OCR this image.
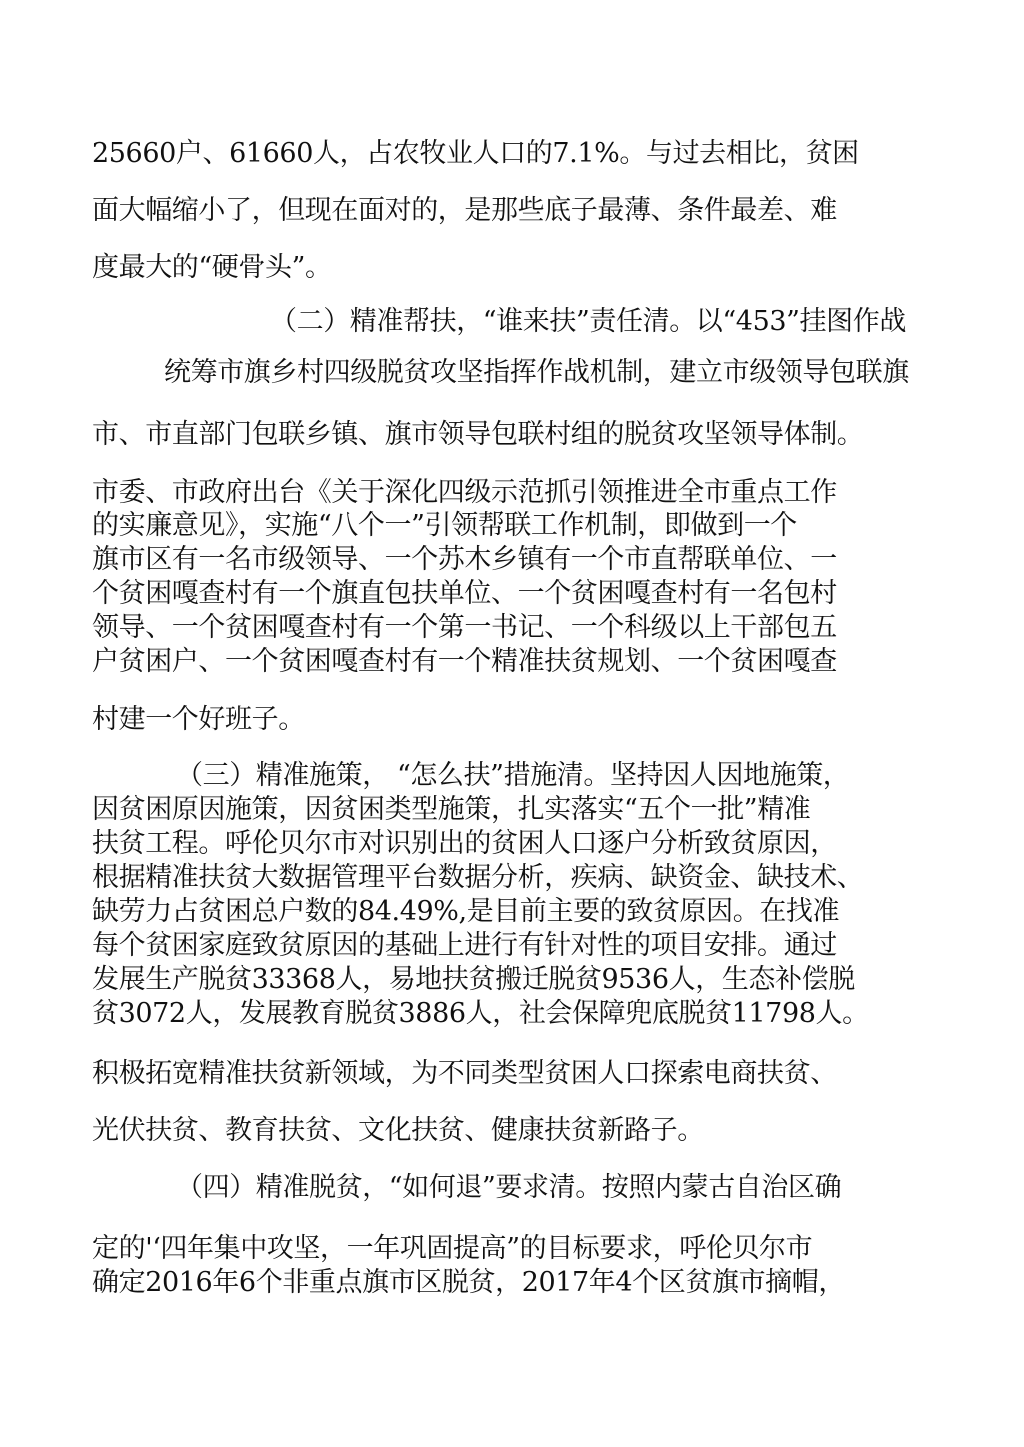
25660户、61660人，占农牧业人口的7.1%。与过去相比，贫困
面大幅缩小了，但现在面对的，是那些底子最薄、条件最差、难
度最大的“硬骨头”。
（二）精准帮扶，“谁来扶”责任清。以“453”挂图作战
统筹市旗乡村四级脱贫攻坚指挥作战机制，建立市级领导包联旗
市、市直部门包联乡镇、旗市领导包联村组的脱贫攻坚领导体制。
市委、市政府出台《关于深化四级示范抓引领推进全市重点工作
的实廉意见》，实施“八个一”引领帮联工作机制，即做到一个
旗市区有一名市级领导、一个苏木乡镇有一个市直帮联单位、一
个贫困嘎查村有一个旗直包扶单位、一个贫困嘎查村有一名包村
领导、一个贫困嘎查村有一个第一书记、一个科级以上干部包五
户贫困户、一个贫困嘎查村有一个精准扶贫规划、一个贫困嘎查
村建一个好班子。
（三）精准施策， “怎么扶”措施清。坚持因人因地施策，
因贫困原因施策，因贫困类型施策，扎实落实“五个一批”精准
扶贫工程。呼伦贝尔市对识别出的贫困人口逐户分析致贫原因，
根据精准扶贫大数据管理平台数据分析，疾病、缺资金、缺技术、
缺劳力占贫困总户数的84.49%,是目前主要的致贫原因。在找准
每个贫困家庭致贫原因的基础上进行有针对性的项目安排。通过
发展生产脱贫33368人，易地扶贫搬迁脱贫9536人，生态补偿脱
贫3072人，发展教育脱贫3886人，社会保障兜底脱贫11798人。
积极拓宽精准扶贫新领域，为不同类型贫困人口探索电商扶贫、
光伏扶贫、教育扶贫、文化扶贫、健康扶贫新路子。
（四）精准脱贫，“如何退”要求清。按照内蒙古自治区确
定的'‘四年集中攻坚，一年巩固提高”的目标要求，呼伦贝尔市
确定2016年6个非重点旗市区脱贫，2017年4个区贫旗市摘帽，
